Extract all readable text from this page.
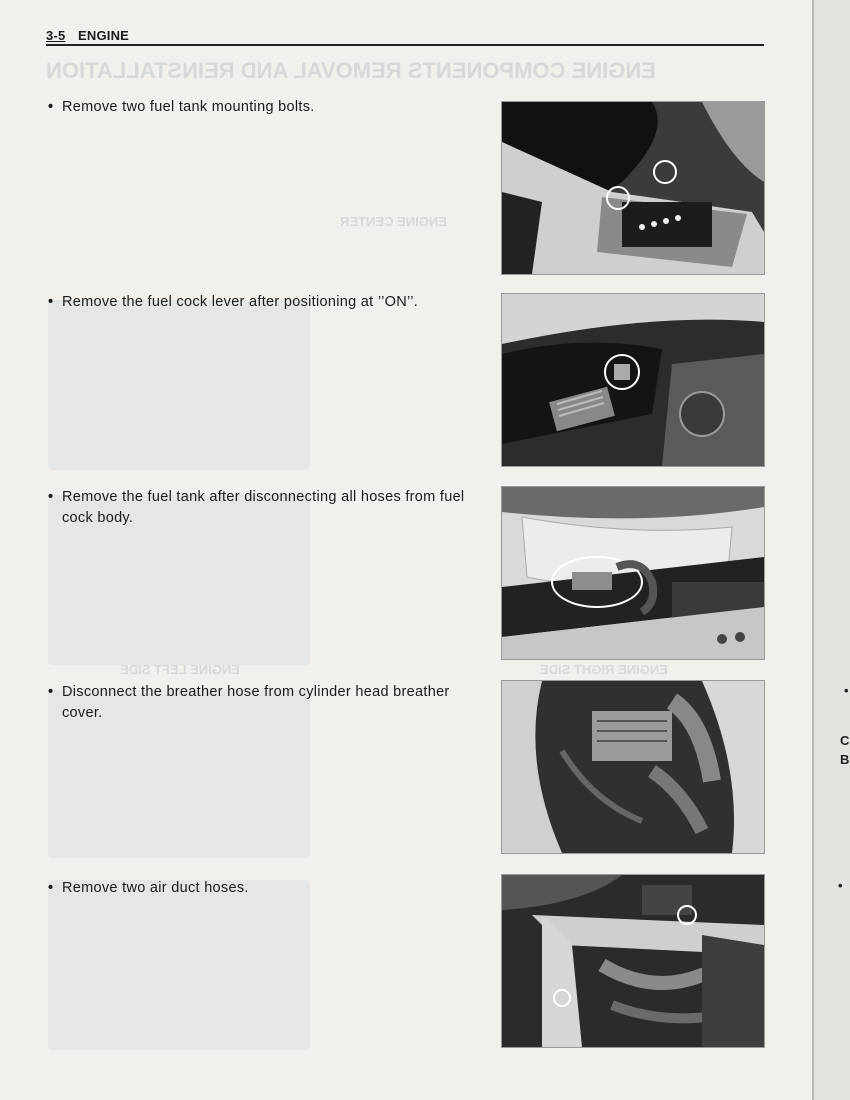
ENGINE COMPONENTS REMOVAL AND REINSTALLATION
ENGINE CENTER
ENGINE LEFT SIDE	ENGINE RIGHT SIDE
3-5 ENGINE
• Remove two fuel tank mounting bolts.
• Remove the fuel cock lever after positioning at ’’ON’’.
• Remove the fuel tank after disconnecting all hoses from fuel cock body.
• Disconnect the breather hose from cylinder head breather cover.
• Remove two air duct hoses.
•
C
B
•
